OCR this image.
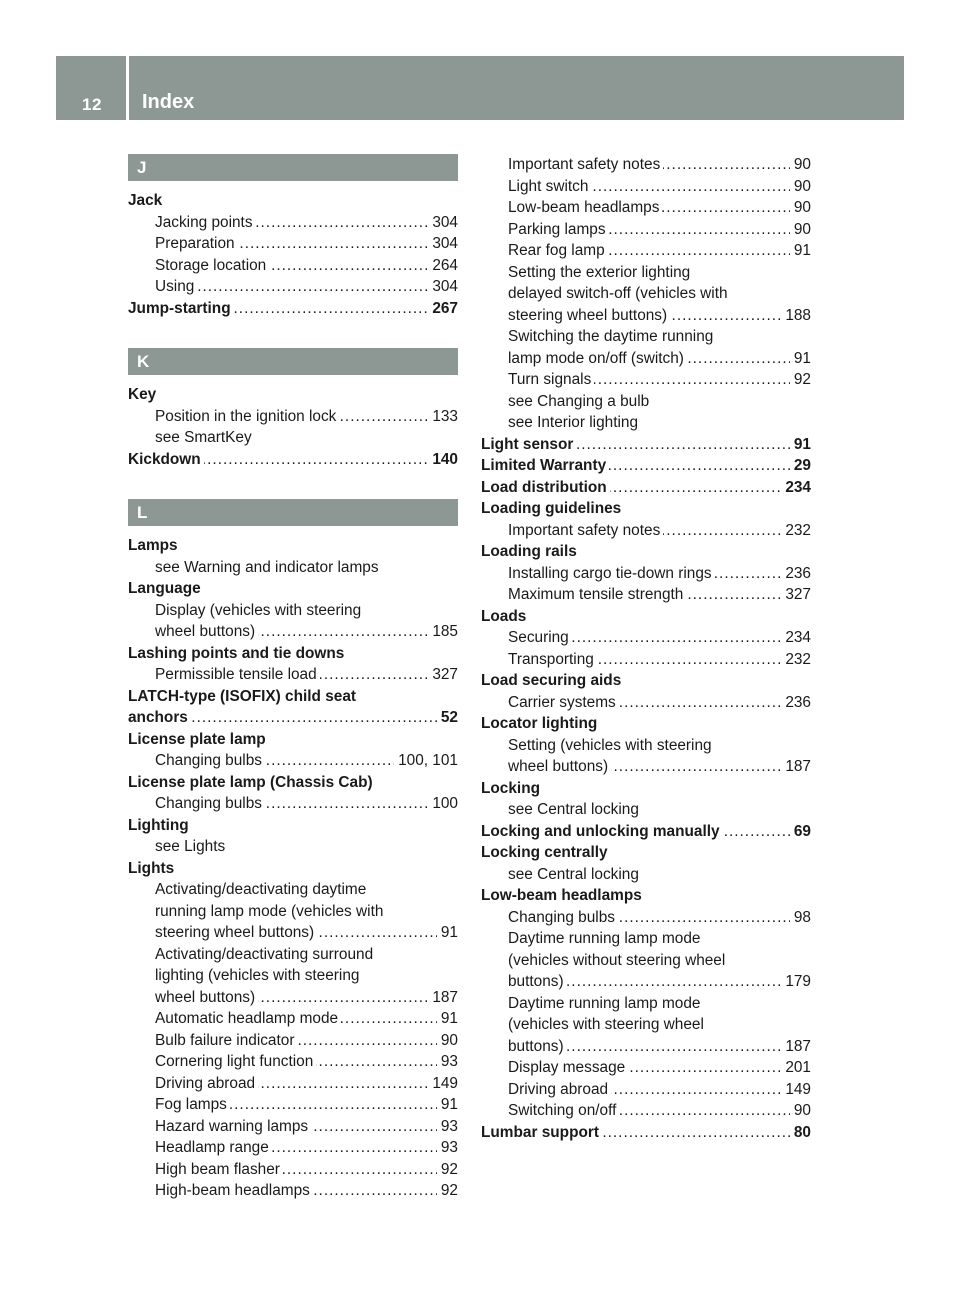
12 Index
J
Jack
Jacking points	304
.....
Preparation	304
.....
Storage location	264
.....
Using	304
.....
Jump-starting	267
.....
K
Key
Position in the ignition lock	133
.....
see SmartKey
Kickdown	140
.....
L
Lamps
see Warning and indicator lamps
Language
Display (vehicles with steering
wheel buttons)	185
.....
Lashing points and tie downs
Permissible tensile load	327
.....
LATCH-type (ISOFIX) child seat
anchors	52
.....
License plate lamp
Changing bulbs	100, 101
.....
License plate lamp (Chassis Cab)
Changing bulbs	100
.....
Lighting
see Lights
Lights
Activating/deactivating daytime
running lamp mode (vehicles with
steering wheel buttons)	91
.....
Activating/deactivating surround
lighting (vehicles with steering
wheel buttons)	187
.....
Automatic headlamp mode	91
.....
Bulb failure indicator	90
.....
Cornering light function	93
.....
Driving abroad	149
.....
Fog lamps	91
.....
Hazard warning lamps	93
.....
Headlamp range	93
.....
High beam flasher	92
.....
High-beam headlamps	92
.....
Important safety notes	90
.....
Light switch	90
.....
Low-beam headlamps	90
.....
Parking lamps	90
.....
Rear fog lamp	91
.....
Setting the exterior lighting
delayed switch-off (vehicles with
steering wheel buttons)	188
.....
Switching the daytime running
lamp mode on/off (switch)	91
.....
Turn signals	92
.....
see Changing a bulb
see Interior lighting
Light sensor	91
.....
Limited Warranty	29
.....
Load distribution	234
.....
Loading guidelines
Important safety notes	232
.....
Loading rails
Installing cargo tie-down rings	236
.....
Maximum tensile strength	327
.....
Loads
Securing	234
.....
Transporting	232
.....
Load securing aids
Carrier systems	236
.....
Locator lighting
Setting (vehicles with steering
wheel buttons)	187
.....
Locking
see Central locking
Locking and unlocking manually	69
.....
Locking centrally
see Central locking
Low-beam headlamps
Changing bulbs	98
.....
Daytime running lamp mode
(vehicles without steering wheel
buttons)	179
.....
Daytime running lamp mode
(vehicles with steering wheel
buttons)	187
.....
Display message	201
.....
Driving abroad	149
.....
Switching on/off	90
.....
Lumbar support	80
.....
